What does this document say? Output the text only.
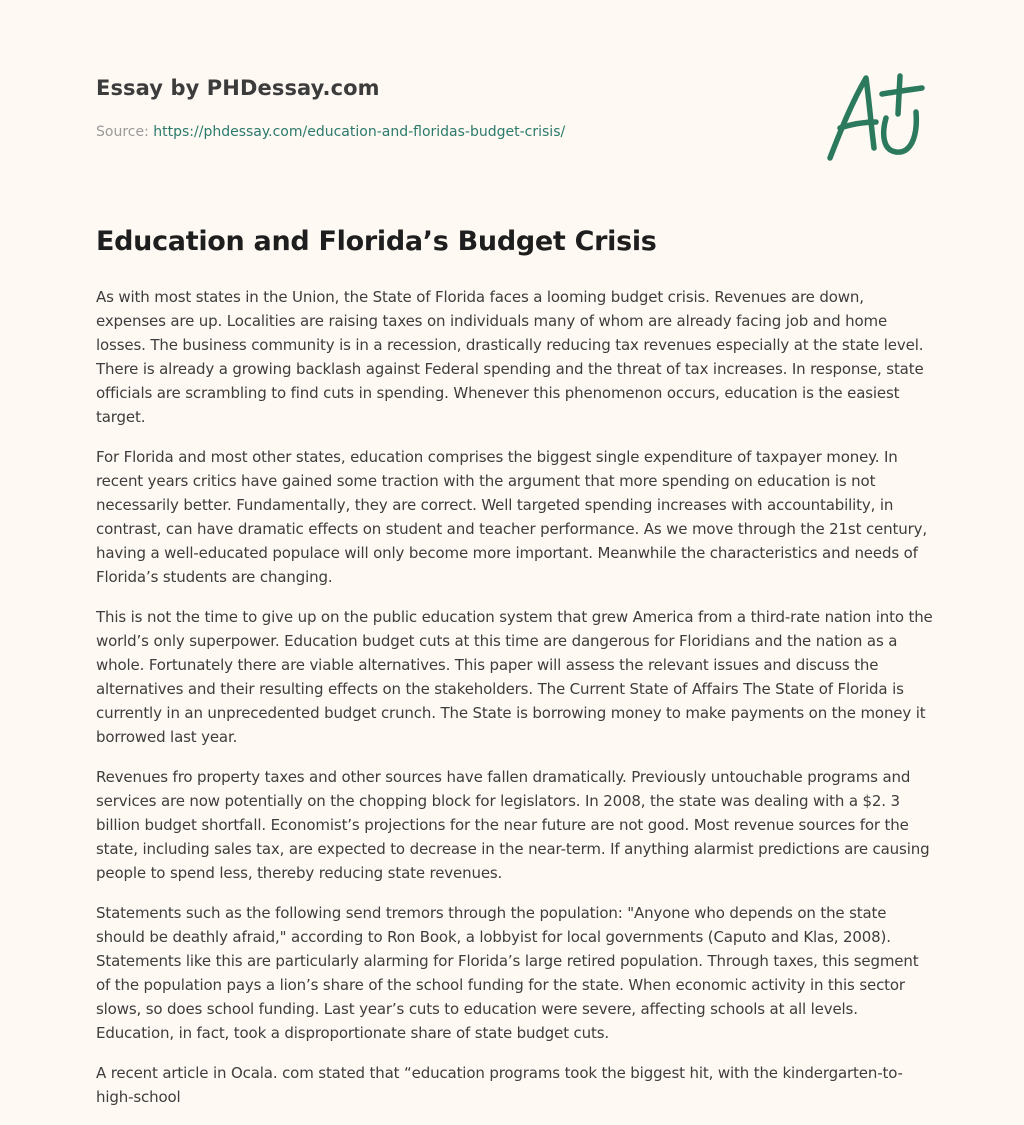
Essay by PHDessay.com
Source: https://phdessay.com/education-and-floridas-budget-crisis/
Education and Florida’s Budget Crisis

As with most states in the Union, the State of Florida faces a looming budget crisis. Revenues are down, expenses are up. Localities are raising taxes on individuals many of whom are already facing job and home losses. The business community is in a recession, drastically reducing tax revenues especially at the state level. There is already a growing backlash against Federal spending and the threat of tax increases. In response, state officials are scrambling to find cuts in spending. Whenever this phenomenon occurs, education is the easiest target.

For Florida and most other states, education comprises the biggest single expenditure of taxpayer money. In recent years critics have gained some traction with the argument that more spending on education is not necessarily better. Fundamentally, they are correct. Well targeted spending increases with accountability, in contrast, can have dramatic effects on student and teacher performance. As we move through the 21st century, having a well-educated populace will only become more important. Meanwhile the characteristics and needs of Florida’s students are changing.

This is not the time to give up on the public education system that grew America from a third-rate nation into the world’s only superpower. Education budget cuts at this time are dangerous for Floridians and the nation as a whole. Fortunately there are viable alternatives. This paper will assess the relevant issues and discuss the alternatives and their resulting effects on the stakeholders. The Current State of Affairs The State of Florida is currently in an unprecedented budget crunch. The State is borrowing money to make payments on the money it borrowed last year.

Revenues fro property taxes and other sources have fallen dramatically. Previously untouchable programs and services are now potentially on the chopping block for legislators. In 2008, the state was dealing with a $2. 3 billion budget shortfall. Economist’s projections for the near future are not good. Most revenue sources for the state, including sales tax, are expected to decrease in the near-term. If anything alarmist predictions are causing people to spend less, thereby reducing state revenues.

Statements such as the following send tremors through the population: "Anyone who depends on the state should be deathly afraid," according to Ron Book, a lobbyist for local governments (Caputo and Klas, 2008). Statements like this are particularly alarming for Florida’s large retired population. Through taxes, this segment of the population pays a lion’s share of the school funding for the state. When economic activity in this sector slows, so does school funding. Last year’s cuts to education were severe, affecting schools at all levels. Education, in fact, took a disproportionate share of state budget cuts.

A recent article in Ocala. com stated that “education programs took the biggest hit, with the kindergarten-to-high-school
